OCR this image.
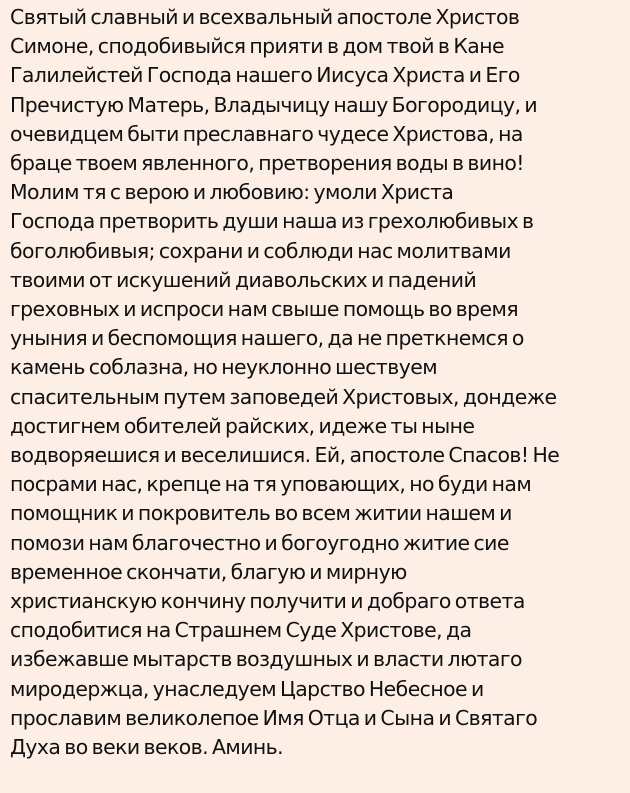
Святый славный и всехвальный апостоле Христов
Симоне, сподобивыйся прияти в дом твой в Кане
Галилейстей Господа нашего Иисуса Христа и Его
Пречистую Матерь, Владычицу нашу Богородицу, и
очевидцем быти преславнаго чудесе Христова, на
браце твоем явленного, претворения воды в вино!
Молим тя с верою и любовию: умоли Христа
Господа претворить души наша из грехолюбивых в
боголюбивыя; сохрани и соблюди нас молитвами
твоими от искушений диавольских и падений
греховных и испроси нам свыше помощь во время
уныния и беспомощия нашего, да не преткнемся о
камень соблазна, но неуклонно шествуем
спасительным путем заповедей Христовых, дондеже
достигнем обителей райских, идеже ты ныне
водворяешися и веселишися. Ей, апостоле Спасов! Не
посрами нас, крепце на тя уповающих, но буди нам
помощник и покровитель во всем житии нашем и
помози нам благочестно и богоугодно житие сие
временное скончати, благую и мирную
христианскую кончину получити и добраго ответа
сподобитися на Страшнем Суде Христове, да
избежавше мытарств воздушных и власти лютаго
миродержца, унаследуем Царство Небесное и
прославим великолепое Имя Отца и Сына и Святаго
Духа во веки веков. Аминь.
